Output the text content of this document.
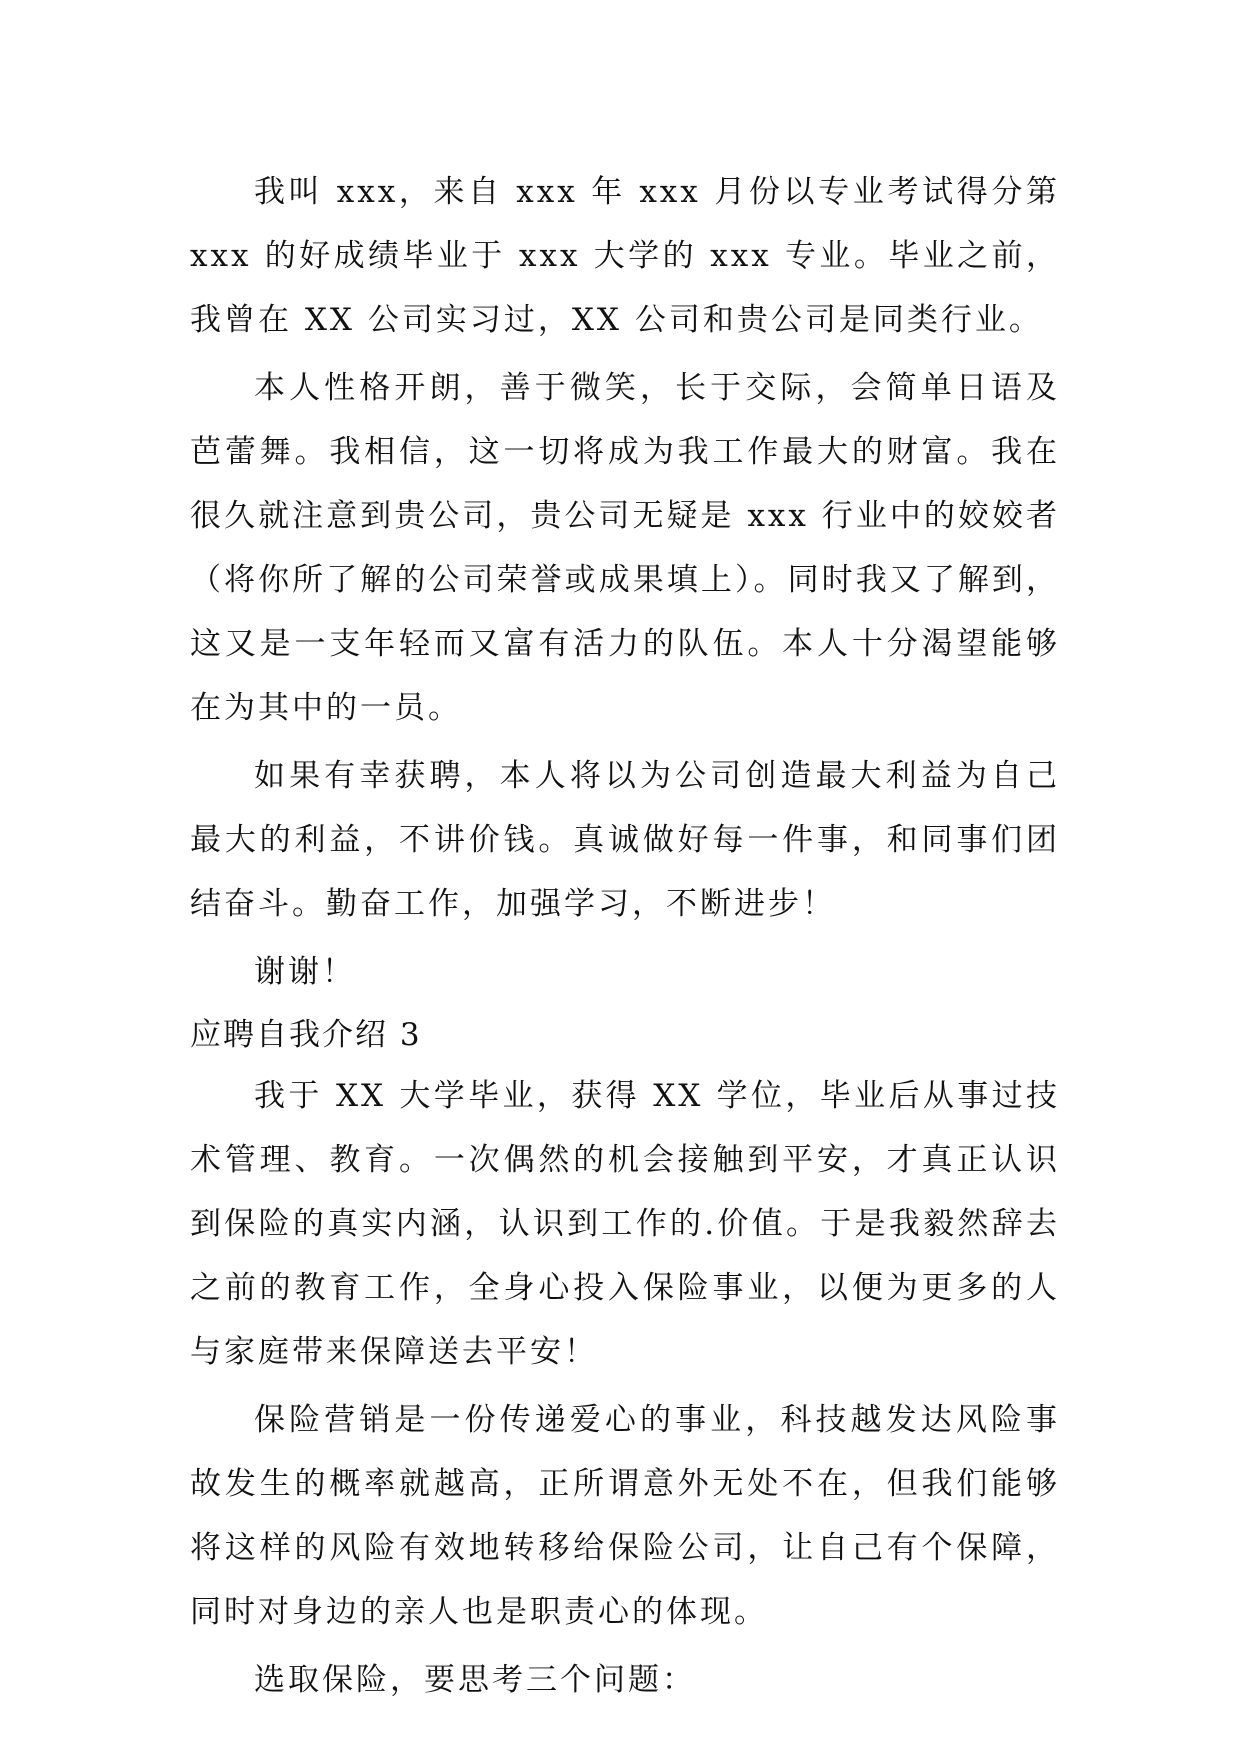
我叫 xxx，来自 xxx 年 xxx 月份以专业考试得分第 xxx 的好成绩毕业于 xxx 大学的 xxx 专业。毕业之前，我曾在 XX 公司实习过，XX 公司和贵公司是同类行业。

本人性格开朗，善于微笑，长于交际，会简单日语及芭蕾舞。我相信，这一切将成为我工作最大的财富。我在很久就注意到贵公司，贵公司无疑是 xxx 行业中的姣姣者（将你所了解的公司荣誉或成果填上）。同时我又了解到，这又是一支年轻而又富有活力的队伍。本人十分渴望能够在为其中的一员。

如果有幸获聘，本人将以为公司创造最大利益为自己最大的利益，不讲价钱。真诚做好每一件事，和同事们团结奋斗。勤奋工作，加强学习，不断进步！

谢谢！

应聘自我介绍 3

我于 XX 大学毕业，获得 XX 学位，毕业后从事过技术管理、教育。一次偶然的机会接触到平安，才真正认识到保险的真实内涵，认识到工作的.价值。于是我毅然辞去之前的教育工作，全身心投入保险事业，以便为更多的人与家庭带来保障送去平安！

保险营销是一份传递爱心的事业，科技越发达风险事故发生的概率就越高，正所谓意外无处不在，但我们能够将这样的风险有效地转移给保险公司，让自己有个保障，同时对身边的亲人也是职责心的体现。

选取保险，要思考三个问题：
